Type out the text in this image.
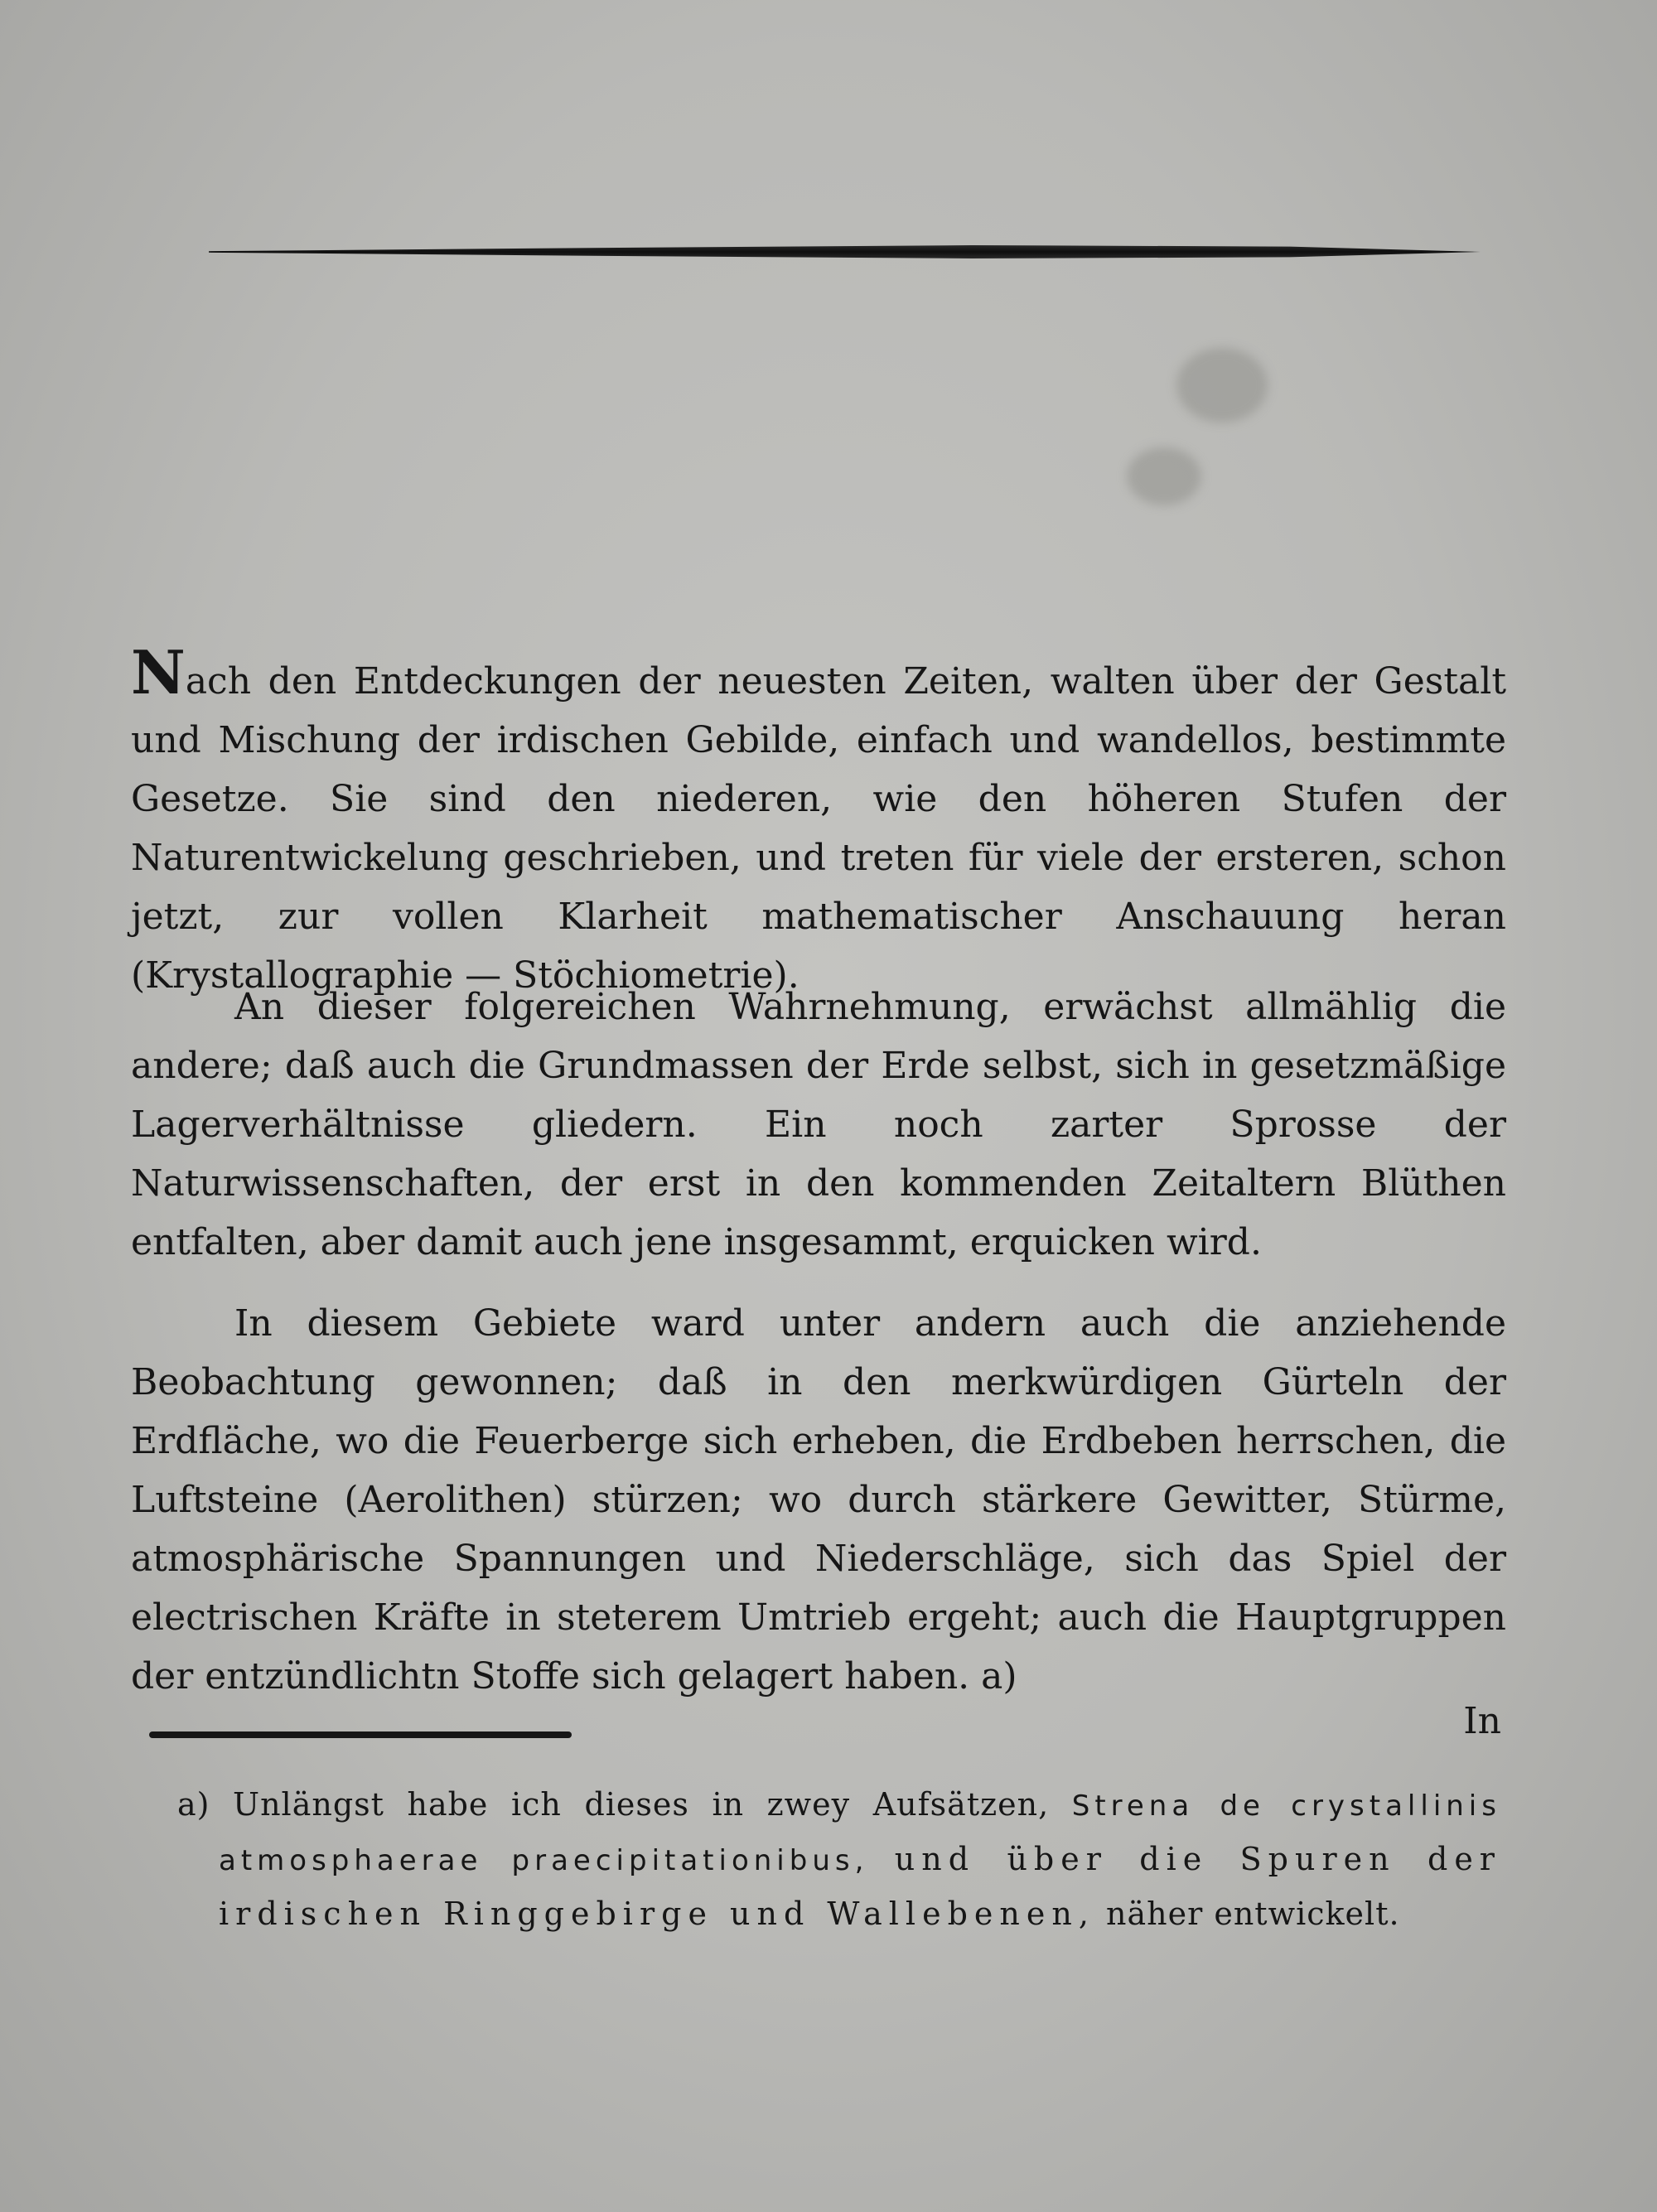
Nach den Entdeckungen der neuesten Zeiten, walten über der Gestalt und Mischung der irdischen Gebilde, einfach und wandellos, bestimmte Gesetze. Sie sind den niederen, wie den höheren Stufen der Naturentwickelung geschrieben, und treten für viele der ersteren, schon jetzt, zur vollen Klarheit mathematischer Anschauung heran (Krystallographie — Stöchiometrie).

An dieser folgereichen Wahrnehmung, erwächst allmählig die andere; daß auch die Grundmassen der Erde selbst, sich in gesetzmäßige Lagerverhältnisse gliedern. Ein noch zarter Sprosse der Naturwissenschaften, der erst in den kommenden Zeitaltern Blüthen entfalten, aber damit auch jene insgesammt, erquicken wird.

In diesem Gebiete ward unter andern auch die anziehende Beobachtung gewonnen; daß in den merkwürdigen Gürteln der Erdfläche, wo die Feuerberge sich erheben, die Erdbeben herrschen, die Luftsteine (Aerolithen) stürzen; wo durch stärkere Gewitter, Stürme, atmosphärische Spannungen und Niederschläge, sich das Spiel der electrischen Kräfte in steterem Umtrieb ergeht; auch die Hauptgruppen der entzündlichtn Stoffe sich gelagert haben. a)

In
a) Unlängst habe ich dieses in zwey Aufsätzen, Strena de crystallinis atmosphaerae praecipitationibus, und über die Spuren der irdischen Ringgebirge und Wallebenen, näher entwickelt.
